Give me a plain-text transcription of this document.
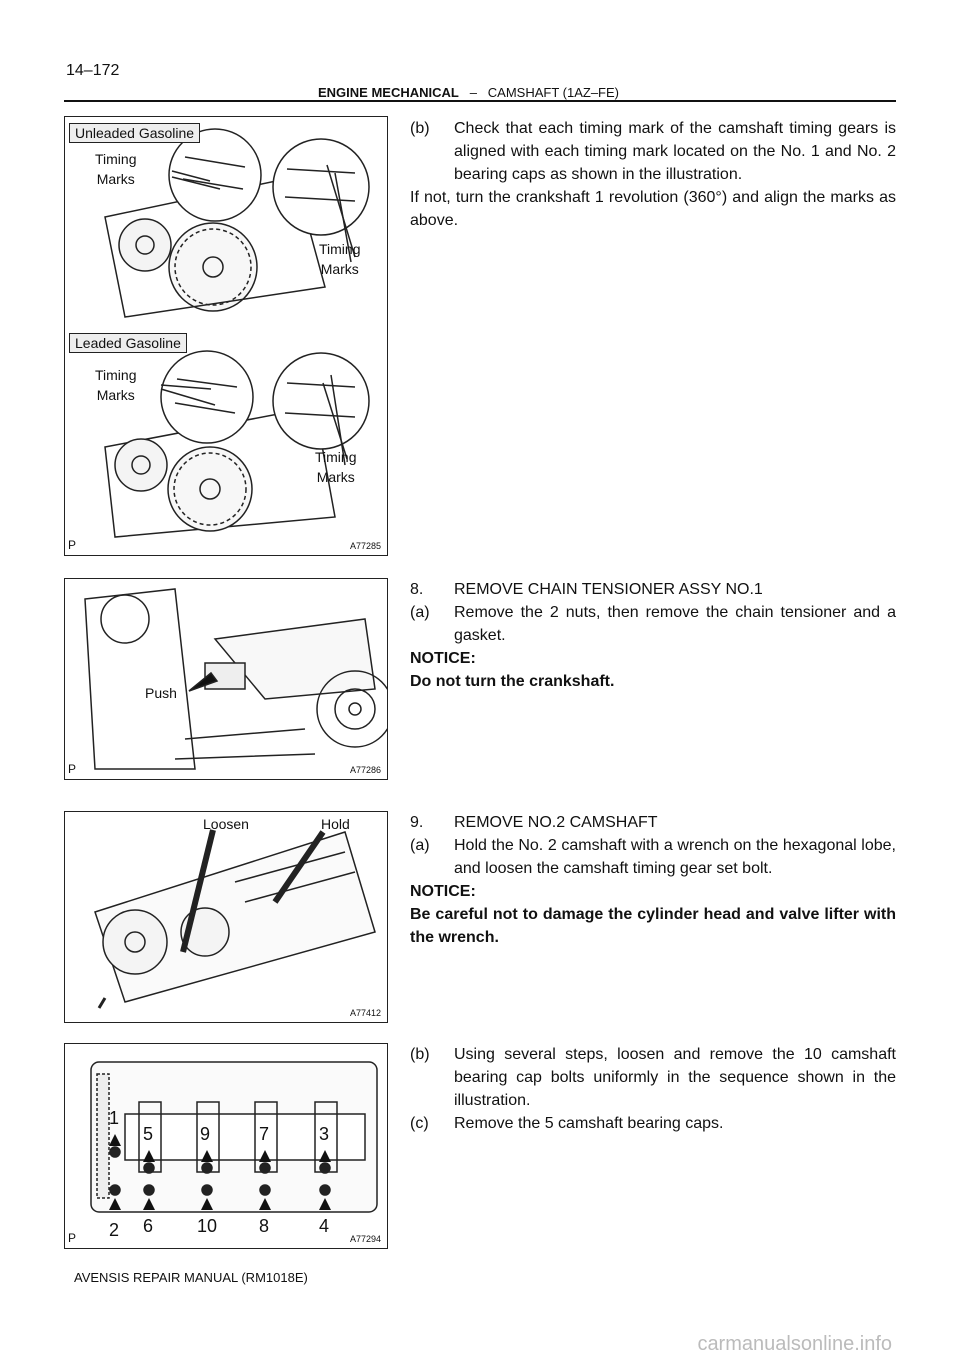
14–172
ENGINE MECHANICAL – CAMSHAFT (1AZ–FE)
Unleaded Gasoline
Leaded Gasoline
Timing
Marks
Timing
Marks
Timing
Marks
Timing
Marks
P	A77285
Push
P	A77286
Loosen	Hold
A77412
1
5	9	7	3
2 6 10 8	4
P	A77294
(b) Check that each timing mark of the camshaft timing gears is aligned with each timing mark located on the No. 1 and No. 2 bearing caps as shown in the illustration.
If not, turn the crankshaft 1 revolution (360°) and align the marks as above.
8. REMOVE CHAIN TENSIONER ASSY NO.1
(a) Remove the 2 nuts, then remove the chain tensioner and a gasket.
NOTICE:
Do not turn the crankshaft.
9. REMOVE NO.2 CAMSHAFT
(a) Hold the No. 2 camshaft with a wrench on the hexagonal lobe, and loosen the camshaft timing gear set bolt.
NOTICE:
Be careful not to damage the cylinder head and valve lifter with the wrench.
(b) Using several steps, loosen and remove the 10 camshaft bearing cap bolts uniformly in the sequence shown in the illustration.
(c) Remove the 5 camshaft bearing caps.
AVENSIS REPAIR MANUAL (RM1018E)
carmanualsonline.info
